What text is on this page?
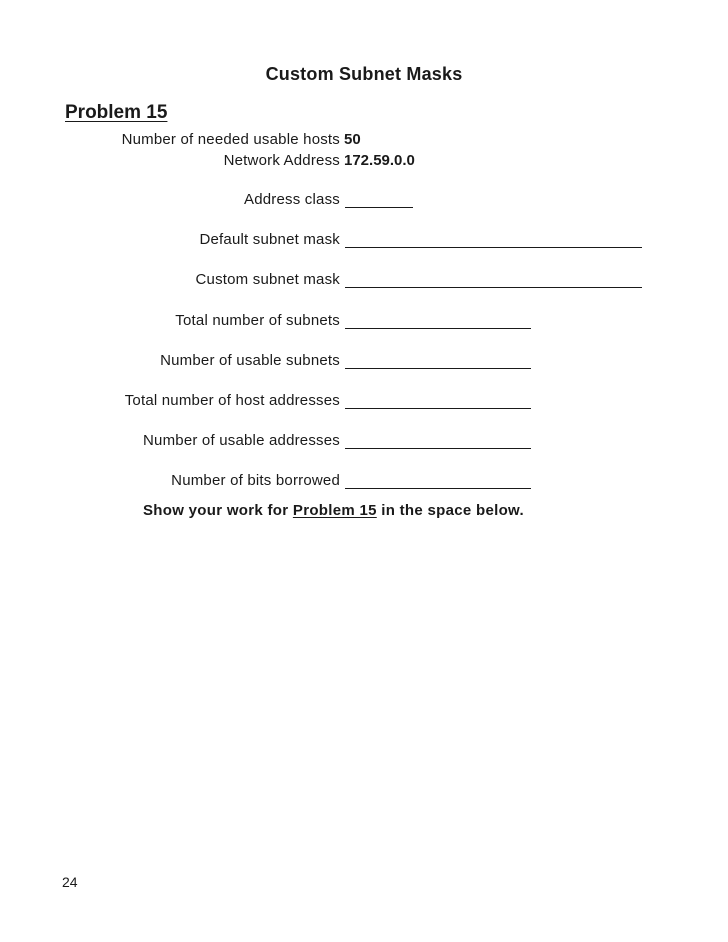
Custom Subnet Masks
Problem 15
Number of needed usable hosts 50
Network Address 172.59.0.0
Address class
Default subnet mask
Custom subnet mask
Total number of subnets
Number of usable subnets
Total number of host addresses
Number of usable addresses
Number of bits borrowed
Show your work for Problem 15 in the space below.
24
